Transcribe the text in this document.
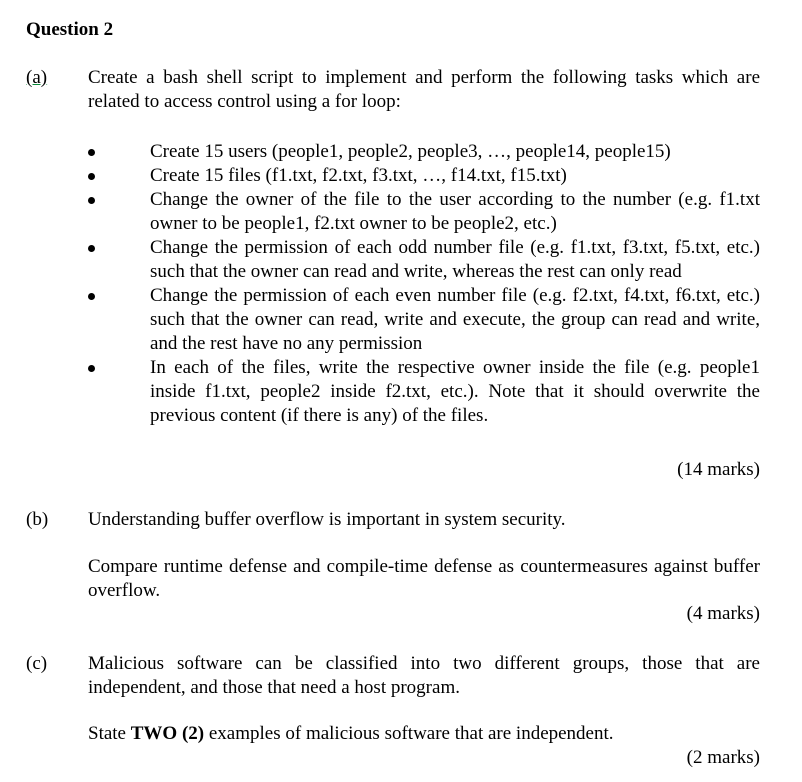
Question 2
(a) Create a bash shell script to implement and perform the following tasks which are related to access control using a for loop:

Create 15 users (people1, people2, people3, …, people14, people15)
Create 15 files (f1.txt, f2.txt, f3.txt, …, f14.txt, f15.txt)
Change the owner of the file to the user according to the number (e.g. f1.txt owner to be people1, f2.txt owner to be people2, etc.)
Change the permission of each odd number file (e.g. f1.txt, f3.txt, f5.txt, etc.) such that the owner can read and write, whereas the rest can only read
Change the permission of each even number file (e.g. f2.txt, f4.txt, f6.txt, etc.) such that the owner can read, write and execute, the group can read and write, and the rest have no any permission
In each of the files, write the respective owner inside the file (e.g. people1 inside f1.txt, people2 inside f2.txt, etc.). Note that it should overwrite the previous content (if there is any) of the files.
(14 marks)
(b) Understanding buffer overflow is important in system security.

Compare runtime defense and compile-time defense as countermeasures against buffer overflow.

(4 marks)
(c) Malicious software can be classified into two different groups, those that are independent, and those that need a host program.

State TWO (2) examples of malicious software that are independent.

(2 marks)
